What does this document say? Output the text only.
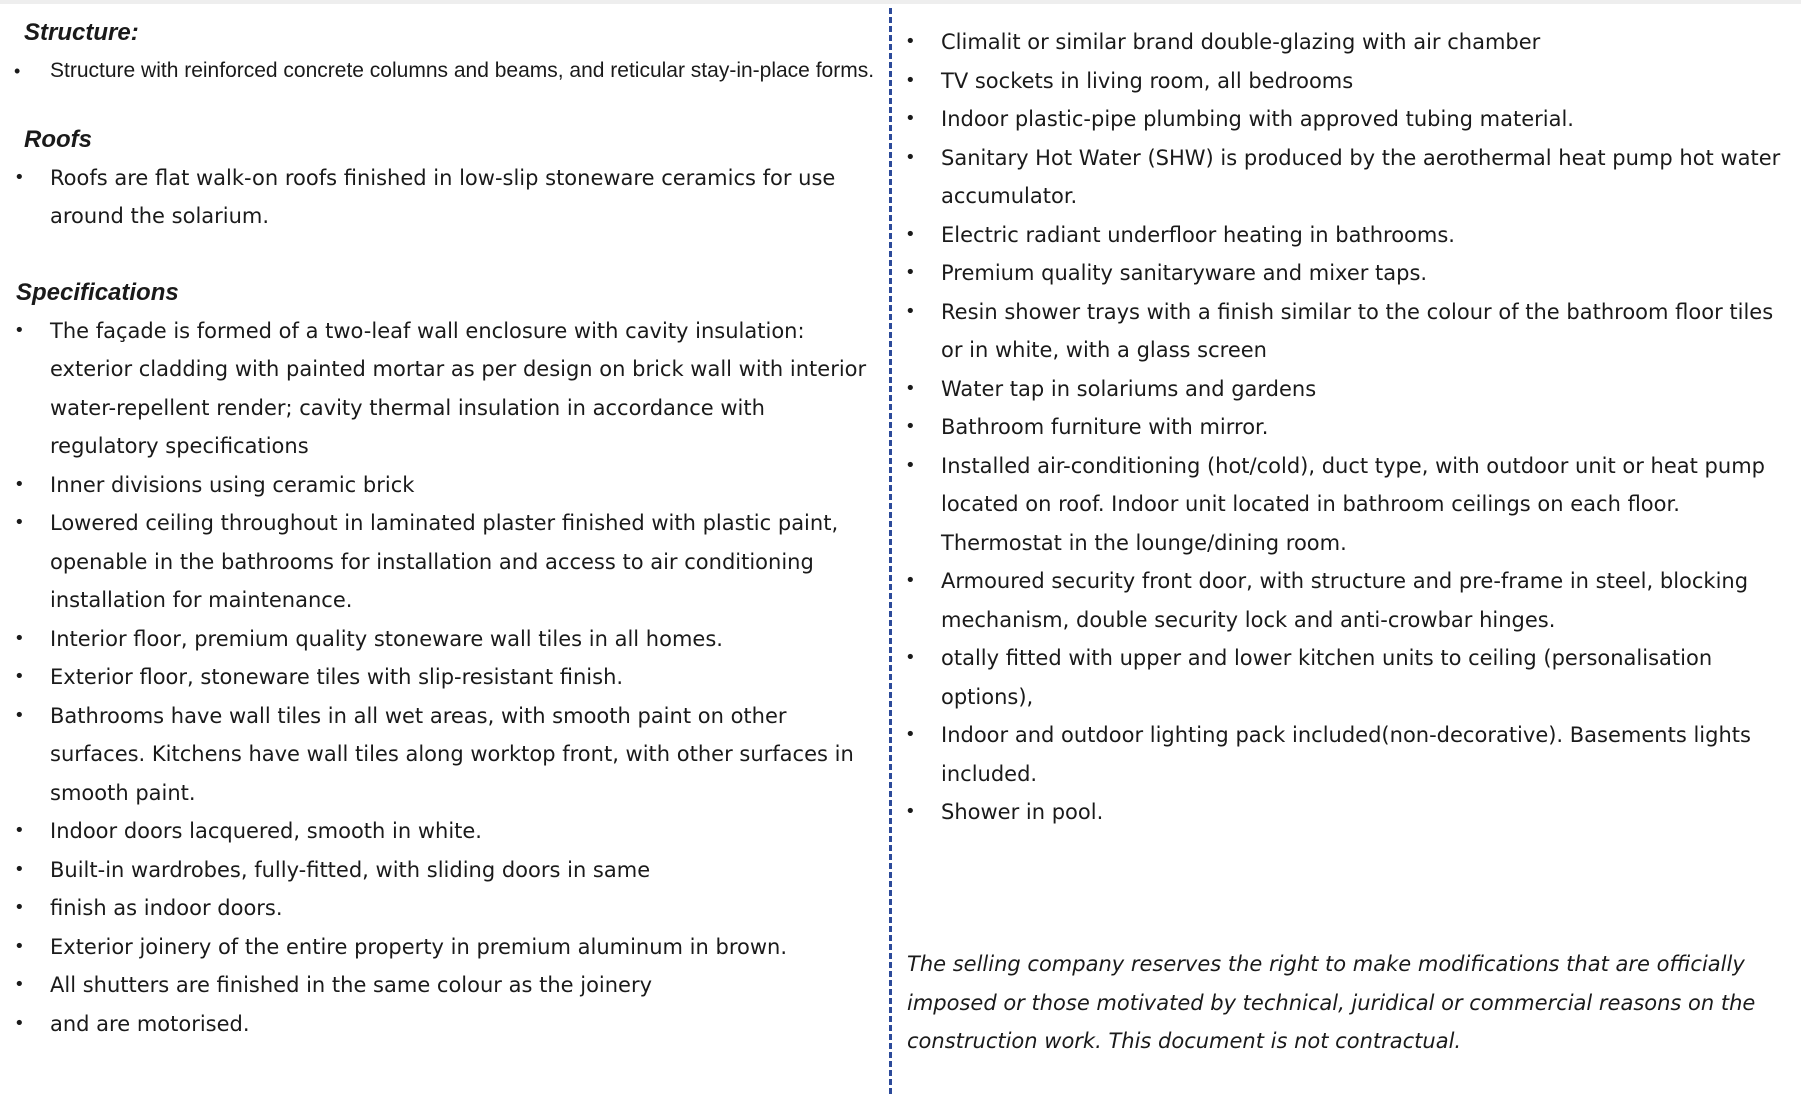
Structure:
• Structure with reinforced concrete columns and beams, and reticular stay-in-place forms.
Roofs
• Roofs are flat walk-on roofs finished in low-slip stoneware ceramics for use around the solarium.
Specifications
• The façade is formed of a two-leaf wall enclosure with cavity insulation: exterior cladding with painted mortar as per design on brick wall with interior water-repellent render; cavity thermal insulation in accordance with regulatory specifications
• Inner divisions using ceramic brick
• Lowered ceiling throughout in laminated plaster finished with plastic paint, openable in the bathrooms for installation and access to air conditioning installation for maintenance.
• Interior floor, premium quality stoneware wall tiles in all homes.
• Exterior floor, stoneware tiles with slip-resistant finish.
• Bathrooms have wall tiles in all wet areas, with smooth paint on other surfaces. Kitchens have wall tiles along worktop front, with other surfaces in smooth paint.
• Indoor doors lacquered, smooth in white.
• Built-in wardrobes, fully-fitted, with sliding doors in same
• finish as indoor doors.
• Exterior joinery of the entire property in premium aluminum in brown.
• All shutters are finished in the same colour as the joinery
• and are motorised.
• Climalit or similar brand double-glazing with air chamber
• TV sockets in living room, all bedrooms
• Indoor plastic-pipe plumbing with approved tubing material.
• Sanitary Hot Water (SHW) is produced by the aerothermal heat pump hot water accumulator.
• Electric radiant underfloor heating in bathrooms.
• Premium quality sanitaryware and mixer taps.
• Resin shower trays with a finish similar to the colour of the bathroom floor tiles or in white, with a glass screen
• Water tap in solariums and gardens
• Bathroom furniture with mirror.
• Installed air-conditioning (hot/cold), duct type, with outdoor unit or heat pump located on roof. Indoor unit located in bathroom ceilings on each floor. Thermostat in the lounge/dining room.
• Armoured security front door, with structure and pre-frame in steel, blocking mechanism, double security lock and anti-crowbar hinges.
• otally fitted with upper and lower kitchen units to ceiling (personalisation options),
• Indoor and outdoor lighting pack included(non-decorative). Basements lights included.
• Shower in pool.

The selling company reserves the right to make modifications that are officially imposed or those motivated by technical, juridical or commercial reasons on the construction work. This document is not contractual.
